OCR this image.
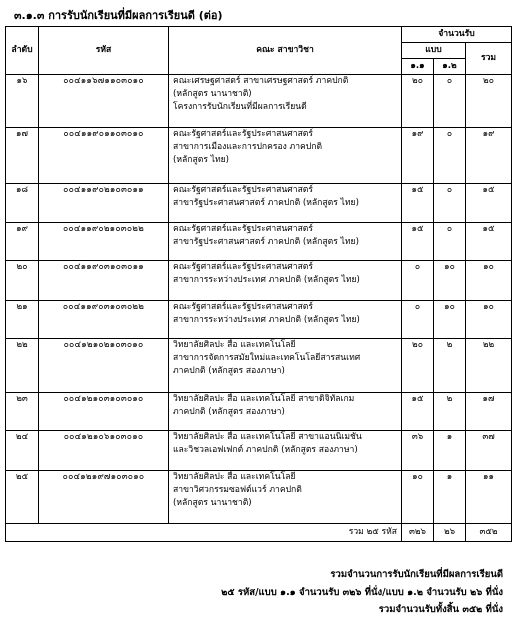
๓.๑.๓ การรับนักเรียนที่มีผลการเรียนดี (ต่อ)
ลำดับ	รหัส	คณะ สาขาวิชา	จำนวนรับ		
			แบบ		รวม
			๑.๑	๑.๒	
๑๖	๐๐๔๑๑๖๗๑๑๐๓๐๑๐	คณะเศรษฐศาสตร์ สาขาเศรษฐศาสตร์ ภาคปกติ
(หลักสูตร นานาชาติ)
โครงการรับนักเรียนที่มีผลการเรียนดี	๒๐	๐	๒๐
๑๗	๐๐๔๑๑๙๐๑๑๐๓๐๑๐	คณะรัฐศาสตร์และรัฐประศาสนศาสตร์
สาขาการเมืองและการปกครอง ภาคปกติ
(หลักสูตร ไทย)	๑๙	๐	๑๙
๑๘	๐๐๔๑๑๙๐๒๑๐๓๐๑๑	คณะรัฐศาสตร์และรัฐประศาสนศาสตร์
สาขารัฐประศาสนศาสตร์ ภาคปกติ (หลักสูตร ไทย)	๑๕	๐	๑๕
๑๙	๐๐๔๑๑๙๐๒๑๐๓๐๒๒	คณะรัฐศาสตร์และรัฐประศาสนศาสตร์
สาขารัฐประศาสนศาสตร์ ภาคปกติ (หลักสูตร ไทย)	๑๕	๐	๑๕
๒๐	๐๐๔๑๑๙๐๓๑๐๓๐๑๑	คณะรัฐศาสตร์และรัฐประศาสนศาสตร์
สาขาการระหว่างประเทศ ภาคปกติ (หลักสูตร ไทย)	๐	๑๐	๑๐
๒๑	๐๐๔๑๑๙๐๓๑๐๓๐๒๒	คณะรัฐศาสตร์และรัฐประศาสนศาสตร์
สาขาการระหว่างประเทศ ภาคปกติ (หลักสูตร ไทย)	๐	๑๐	๑๐
๒๒	๐๐๔๑๒๑๐๒๑๐๓๐๑๐	วิทยาลัยศิลปะ สื่อ และเทคโนโลยี
สาขาการจัดการสมัยใหม่และเทคโนโลยีสารสนเทศ
ภาคปกติ (หลักสูตร สองภาษา)	๒๐	๒	๒๒
๒๓	๐๐๔๑๒๑๐๓๑๐๓๐๑๐	วิทยาลัยศิลปะ สื่อ และเทคโนโลยี สาขาดิจิทัลเกม
ภาคปกติ (หลักสูตร สองภาษา)	๑๕	๒	๑๗
๒๔	๐๐๔๑๒๑๐๖๑๐๓๐๑๐	วิทยาลัยศิลปะ สื่อ และเทคโนโลยี สาขาแอนนิเมชัน
และวิชวลเอฟเฟกต์ ภาคปกติ (หลักสูตร สองภาษา)	๓๖	๑	๓๗
๒๕	๐๐๔๑๒๑๙๗๑๐๓๐๑๐	วิทยาลัยศิลปะ สื่อ และเทคโนโลยี
สาขาวิศวกรรมซอฟต์แวร์ ภาคปกติ
(หลักสูตร นานาชาติ)	๑๐	๑	๑๑
รวม ๒๕ รหัส			๓๒๖	๒๖	๓๕๒
รวมจำนวนการรับนักเรียนที่มีผลการเรียนดี
๒๕ รหัส/แบบ ๑.๑ จำนวนรับ ๓๒๖ ที่นั่ง/แบบ ๑.๒ จำนวนรับ ๒๖ ที่นั่ง
รวมจำนวนรับทั้งสิ้น ๓๕๒ ที่นั่ง
